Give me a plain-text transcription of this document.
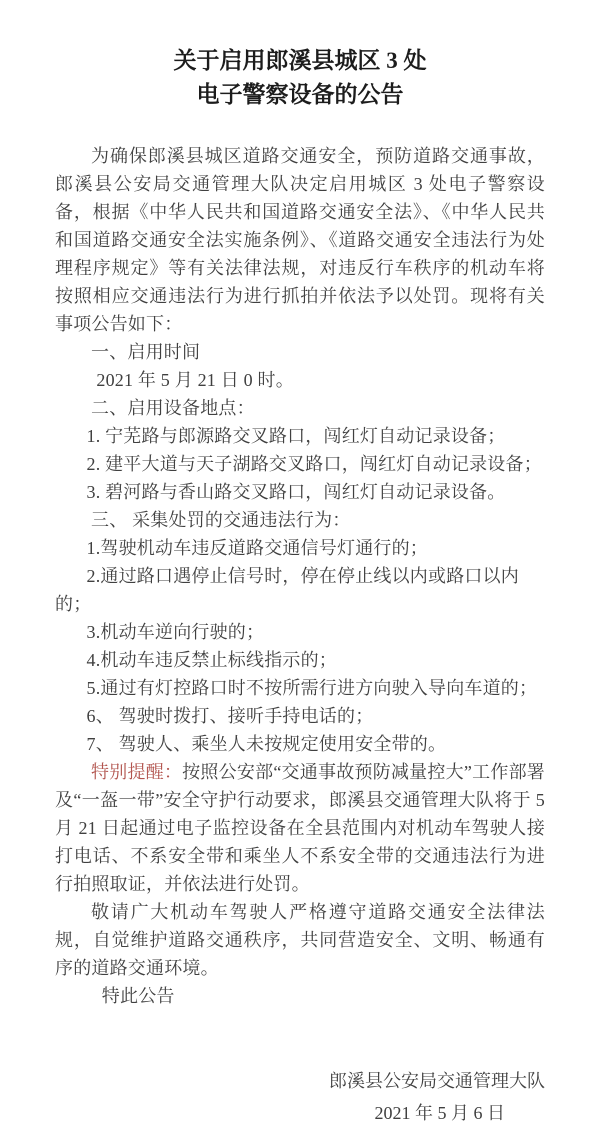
关于启用郎溪县城区 3 处
电子警察设备的公告

为确保郎溪县城区道路交通安全，预防道路交通事故，郎溪县公安局交通管理大队决定启用城区 3 处电子警察设备，根据《中华人民共和国道路交通安全法》、《中华人民共和国道路交通安全法实施条例》、《道路交通安全违法行为处理程序规定》等有关法律法规，对违反行车秩序的机动车将按照相应交通违法行为进行抓拍并依法予以处罚。现将有关事项公告如下：

一、启用时间

2021 年 5 月 21 日 0 时。

二、启用设备地点：

1. 宁芜路与郎源路交叉路口，闯红灯自动记录设备；

2. 建平大道与天子湖路交叉路口，闯红灯自动记录设备；

3. 碧河路与香山路交叉路口，闯红灯自动记录设备。

三、 采集处罚的交通违法行为：

1.驾驶机动车违反道路交通信号灯通行的；

2.通过路口遇停止信号时，停在停止线以内或路口以内的；

3.机动车逆向行驶的；

4.机动车违反禁止标线指示的；

5.通过有灯控路口时不按所需行进方向驶入导向车道的；

6、 驾驶时拨打、接听手持电话的；

7、 驾驶人、乘坐人未按规定使用安全带的。

特别提醒：按照公安部“交通事故预防减量控大”工作部署及“一盔一带”安全守护行动要求，郎溪县交通管理大队将于 5 月 21 日起通过电子监控设备在全县范围内对机动车驾驶人接打电话、不系安全带和乘坐人不系安全带的交通违法行为进行拍照取证，并依法进行处罚。

敬请广大机动车驾驶人严格遵守道路交通安全法律法规，自觉维护道路交通秩序，共同营造安全、文明、畅通有序的道路交通环境。

特此公告

郎溪县公安局交通管理大队

2021 年 5 月 6 日
